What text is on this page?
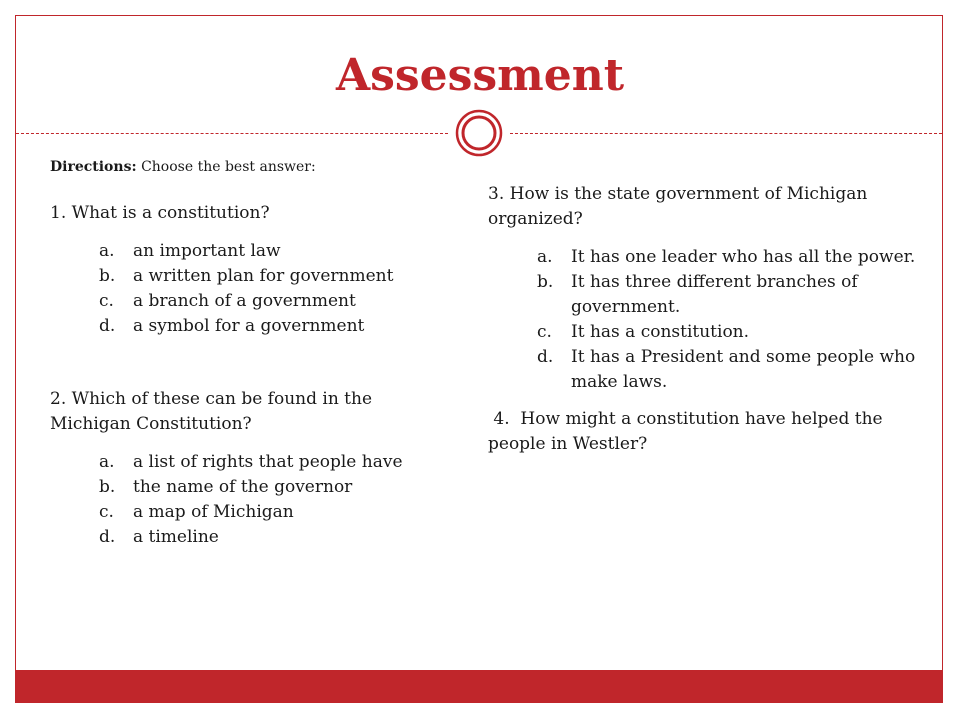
Assessment
Directions: Choose the best answer:

1. What is a constitution?

a. an important law
b. a written plan for government
c. a branch of a government
d. a symbol for a government

2. Which of these can be found in the Michigan Constitution?

a. a list of rights that people have
b. the name of the governor
c. a map of Michigan
d. a timeline

3. How is the state government of Michigan organized?

a. It has one leader who has all the power.
b. It has three different branches of government.
c. It has a constitution.
d. It has a President and some people who make laws.

4.  How might a constitution have helped the people in Westler?
